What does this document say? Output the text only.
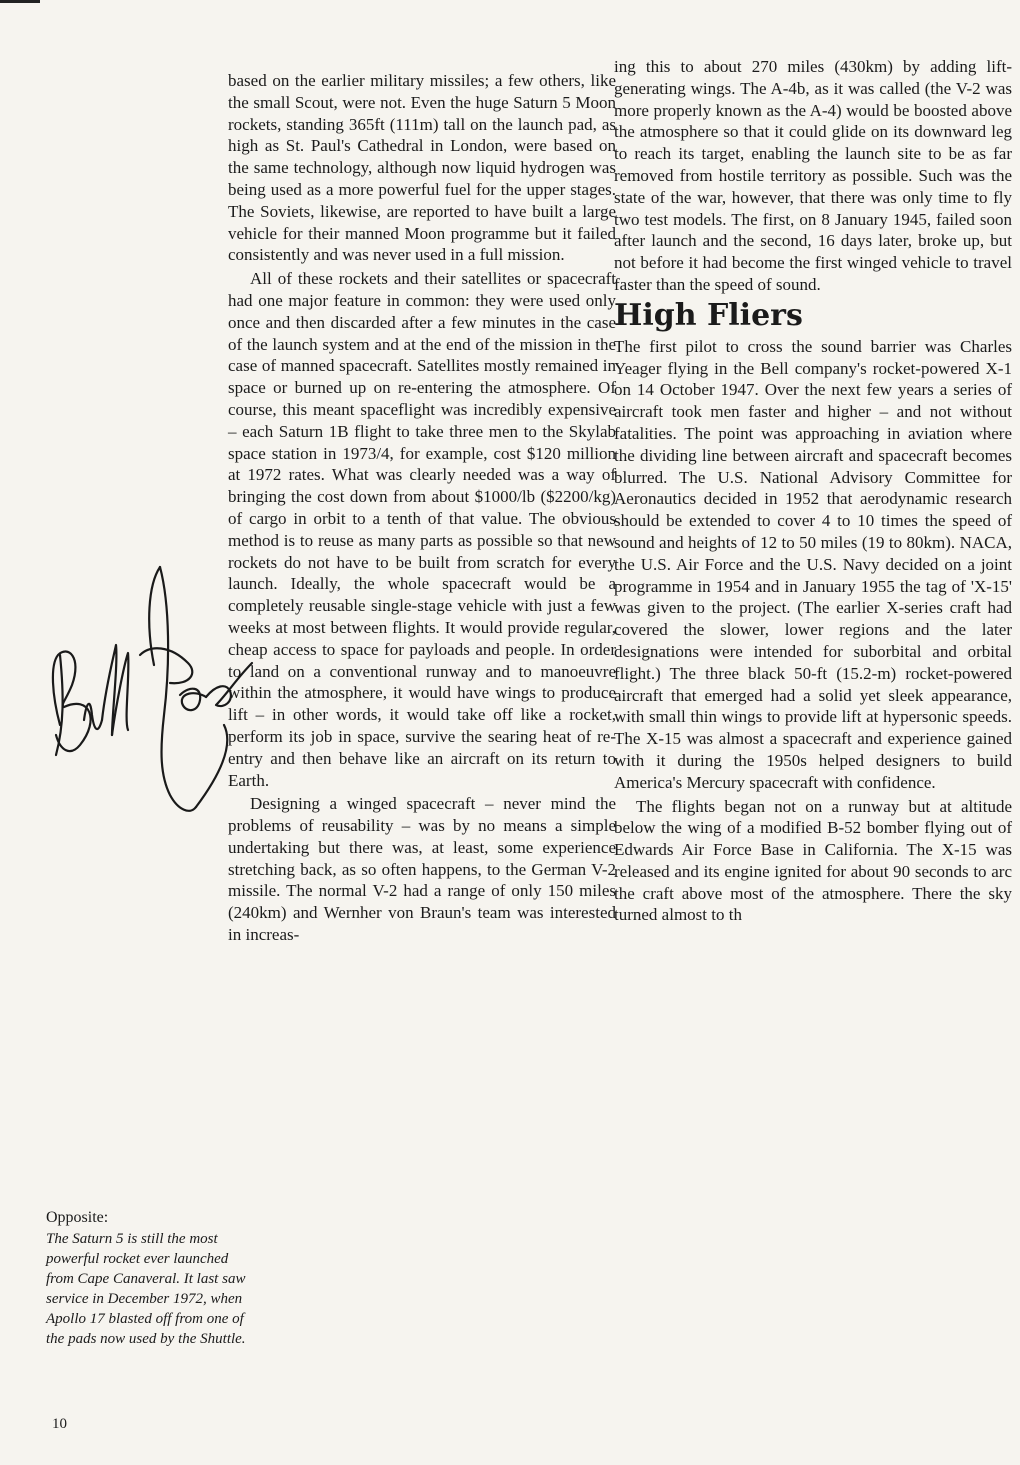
based on the earlier military missiles; a few others, like the small Scout, were not. Even the huge Saturn 5 Moon rockets, standing 365ft (111m) tall on the launch pad, as high as St. Paul's Cathedral in London, were based on the same technology, although now liquid hydrogen was being used as a more powerful fuel for the upper stages. The Soviets, likewise, are reported to have built a large vehicle for their manned Moon programme but it failed consistently and was never used in a full mission.

All of these rockets and their satellites or spacecraft had one major feature in common: they were used only once and then discarded after a few minutes in the case of the launch system and at the end of the mission in the case of manned spacecraft. Satellites mostly remained in space or burned up on re-entering the atmosphere. Of course, this meant spaceflight was incredibly expensive – each Saturn 1B flight to take three men to the Skylab space station in 1973/4, for example, cost $120 million at 1972 rates. What was clearly needed was a way of bringing the cost down from about $1000/lb ($2200/kg) of cargo in orbit to a tenth of that value. The obvious method is to reuse as many parts as possible so that new rockets do not have to be built from scratch for every launch. Ideally, the whole spacecraft would be a completely reusable single-stage vehicle with just a few weeks at most between flights. It would provide regular, cheap access to space for payloads and people. In order to land on a conventional runway and to manoeuvre within the atmosphere, it would have wings to produce lift – in other words, it would take off like a rocket, perform its job in space, survive the searing heat of re-entry and then behave like an aircraft on its return to Earth.

Designing a winged spacecraft – never mind the problems of reusability – was by no means a simple undertaking but there was, at least, some experience stretching back, as so often happens, to the German V-2 missile. The normal V-2 had a range of only 150 miles (240km) and Wernher von Braun's team was interested in increas-

ing this to about 270 miles (430km) by adding lift-generating wings. The A-4b, as it was called (the V-2 was more properly known as the A-4) would be boosted above the atmosphere so that it could glide on its downward leg to reach its target, enabling the launch site to be as far removed from hostile territory as possible. Such was the state of the war, however, that there was only time to fly two test models. The first, on 8 January 1945, failed soon after launch and the second, 16 days later, broke up, but not before it had become the first winged vehicle to travel faster than the speed of sound.

High Fliers

The first pilot to cross the sound barrier was Charles Yeager flying in the Bell company's rocket-powered X-1 on 14 October 1947. Over the next few years a series of aircraft took men faster and higher – and not without fatalities. The point was approaching in aviation where the dividing line between aircraft and spacecraft becomes blurred. The U.S. National Advisory Committee for Aeronautics decided in 1952 that aerodynamic research should be extended to cover 4 to 10 times the speed of sound and heights of 12 to 50 miles (19 to 80km). NACA, the U.S. Air Force and the U.S. Navy decided on a joint programme in 1954 and in January 1955 the tag of 'X-15' was given to the project. (The earlier X-series craft had covered the slower, lower regions and the later designations were intended for suborbital and orbital flight.) The three black 50-ft (15.2-m) rocket-powered aircraft that emerged had a solid yet sleek appearance, with small thin wings to provide lift at hypersonic speeds. The X-15 was almost a spacecraft and experience gained with it during the 1950s helped designers to build America's Mercury spacecraft with confidence.

The flights began not on a runway but at altitude below the wing of a modified B-52 bomber flying out of Edwards Air Force Base in California. The X-15 was released and its engine ignited for about 90 seconds to arc the craft above most of the atmosphere. There the sky turned almost to th

Opposite:
The Saturn 5 is still the most powerful rocket ever launched from Cape Canaveral. It last saw service in December 1972, when Apollo 17 blasted off from one of the pads now used by the Shuttle.
10
